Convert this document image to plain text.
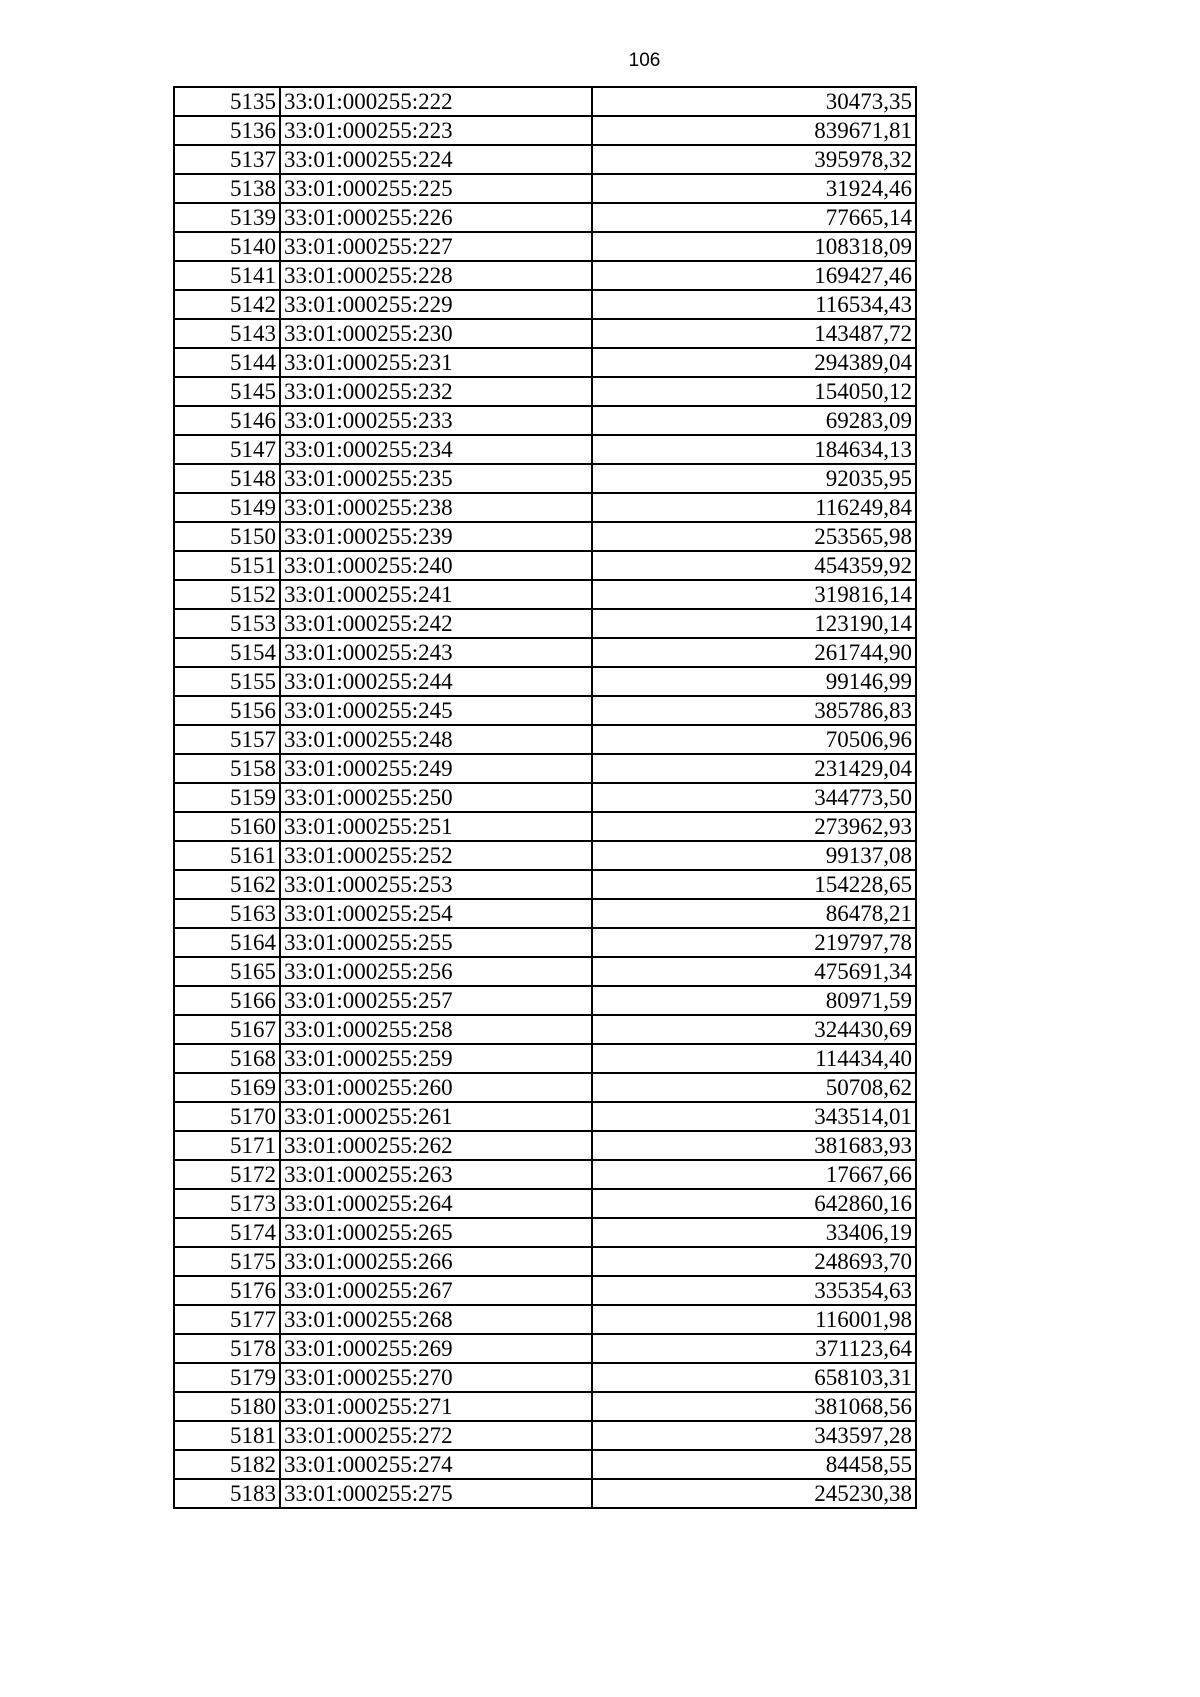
106
5135	33:01:000255:222	30473,35
5136	33:01:000255:223	839671,81
5137	33:01:000255:224	395978,32
5138	33:01:000255:225	31924,46
5139	33:01:000255:226	77665,14
5140	33:01:000255:227	108318,09
5141	33:01:000255:228	169427,46
5142	33:01:000255:229	116534,43
5143	33:01:000255:230	143487,72
5144	33:01:000255:231	294389,04
5145	33:01:000255:232	154050,12
5146	33:01:000255:233	69283,09
5147	33:01:000255:234	184634,13
5148	33:01:000255:235	92035,95
5149	33:01:000255:238	116249,84
5150	33:01:000255:239	253565,98
5151	33:01:000255:240	454359,92
5152	33:01:000255:241	319816,14
5153	33:01:000255:242	123190,14
5154	33:01:000255:243	261744,90
5155	33:01:000255:244	99146,99
5156	33:01:000255:245	385786,83
5157	33:01:000255:248	70506,96
5158	33:01:000255:249	231429,04
5159	33:01:000255:250	344773,50
5160	33:01:000255:251	273962,93
5161	33:01:000255:252	99137,08
5162	33:01:000255:253	154228,65
5163	33:01:000255:254	86478,21
5164	33:01:000255:255	219797,78
5165	33:01:000255:256	475691,34
5166	33:01:000255:257	80971,59
5167	33:01:000255:258	324430,69
5168	33:01:000255:259	114434,40
5169	33:01:000255:260	50708,62
5170	33:01:000255:261	343514,01
5171	33:01:000255:262	381683,93
5172	33:01:000255:263	17667,66
5173	33:01:000255:264	642860,16
5174	33:01:000255:265	33406,19
5175	33:01:000255:266	248693,70
5176	33:01:000255:267	335354,63
5177	33:01:000255:268	116001,98
5178	33:01:000255:269	371123,64
5179	33:01:000255:270	658103,31
5180	33:01:000255:271	381068,56
5181	33:01:000255:272	343597,28
5182	33:01:000255:274	84458,55
5183	33:01:000255:275	245230,38
